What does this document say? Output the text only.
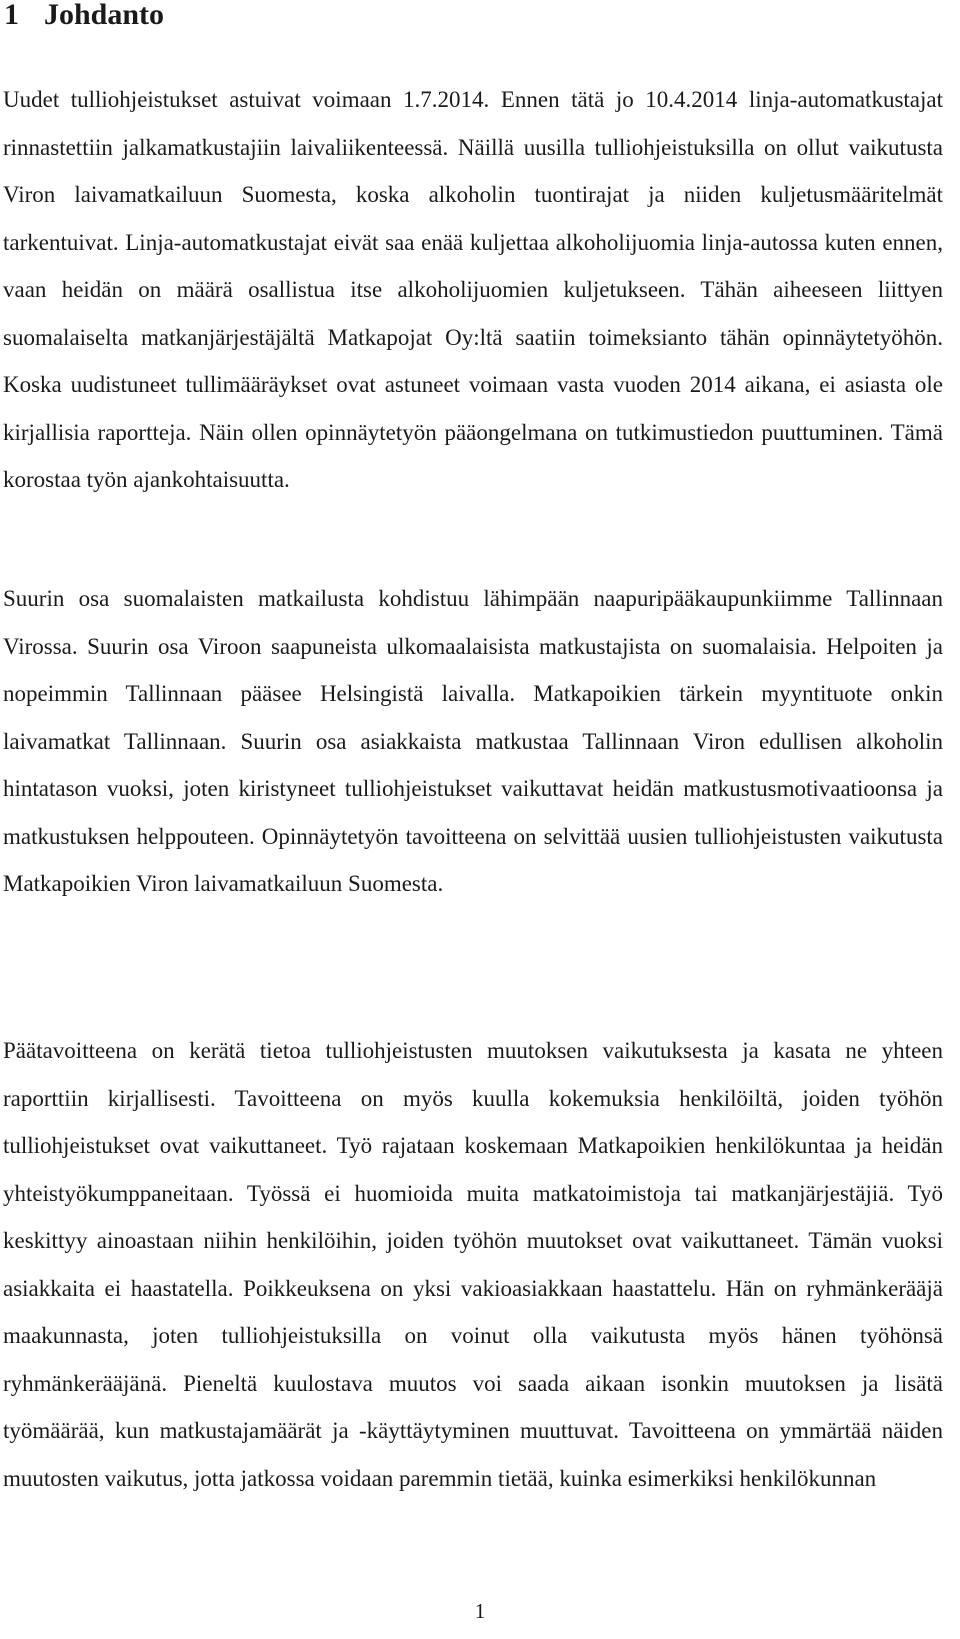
1 Johdanto

Uudet tulliohjeistukset astuivat voimaan 1.7.2014. Ennen tätä jo 10.4.2014 linja-automatkustajat rinnastettiin jalkamatkustajiin laivaliikenteessä. Näillä uusilla tulliohjeistuksilla on ollut vaikutusta Viron laivamatkailuun Suomesta, koska alkoholin tuontirajat ja niiden kuljetusmääritelmät tarkentuivat. Linja-automatkustajat eivät saa enää kuljettaa alkoholijuomia linja-autossa kuten ennen, vaan heidän on määrä osallistua itse alkoholijuomien kuljetukseen. Tähän aiheeseen liittyen suomalaiselta matkanjärjestäjältä Matkapojat Oy:ltä saatiin toimeksianto tähän opinnäytetyöhön. Koska uudistuneet tullimääräykset ovat astuneet voimaan vasta vuoden 2014 aikana, ei asiasta ole kirjallisia raportteja. Näin ollen opinnäytetyön pääongelmana on tutkimustiedon puuttuminen. Tämä korostaa työn ajankohtaisuutta.

Suurin osa suomalaisten matkailusta kohdistuu lähimpään naapuripääkaupunkiimme Tallinnaan Virossa. Suurin osa Viroon saapuneista ulkomaalaisista matkustajista on suomalaisia. Helpoiten ja nopeimmin Tallinnaan pääsee Helsingistä laivalla. Matkapoikien tärkein myyntituote onkin laivamatkat Tallinnaan. Suurin osa asiakkaista matkustaa Tallinnaan Viron edullisen alkoholin hintatason vuoksi, joten kiristyneet tulliohjeistukset vaikuttavat heidän matkustusmotivaatioonsa ja matkustuksen helppouteen. Opinnäytetyön tavoitteena on selvittää uusien tulliohjeistusten vaikutusta Matkapoikien Viron laivamatkailuun Suomesta.

Päätavoitteena on kerätä tietoa tulliohjeistusten muutoksen vaikutuksesta ja kasata ne yhteen raporttiin kirjallisesti. Tavoitteena on myös kuulla kokemuksia henkilöiltä, joiden työhön tulliohjeistukset ovat vaikuttaneet. Työ rajataan koskemaan Matkapoikien henkilökuntaa ja heidän yhteistyökumppaneitaan. Työssä ei huomioida muita matkatoimistoja tai matkanjärjestäjiä. Työ keskittyy ainoastaan niihin henkilöihin, joiden työhön muutokset ovat vaikuttaneet. Tämän vuoksi asiakkaita ei haastatella. Poikkeuksena on yksi vakioasiakkaan haastattelu. Hän on ryhmänkerääjä maakunnasta, joten tulliohjeistuksilla on voinut olla vaikutusta myös hänen työhönsä ryhmänkerääjänä. Pieneltä kuulostava muutos voi saada aikaan isonkin muutoksen ja lisätä työmäärää, kun matkustajamäärät ja -käyttäytyminen muuttuvat. Tavoitteena on ymmärtää näiden muutosten vaikutus, jotta jatkossa voidaan paremmin tietää, kuinka esimerkiksi henkilökunnan

1
